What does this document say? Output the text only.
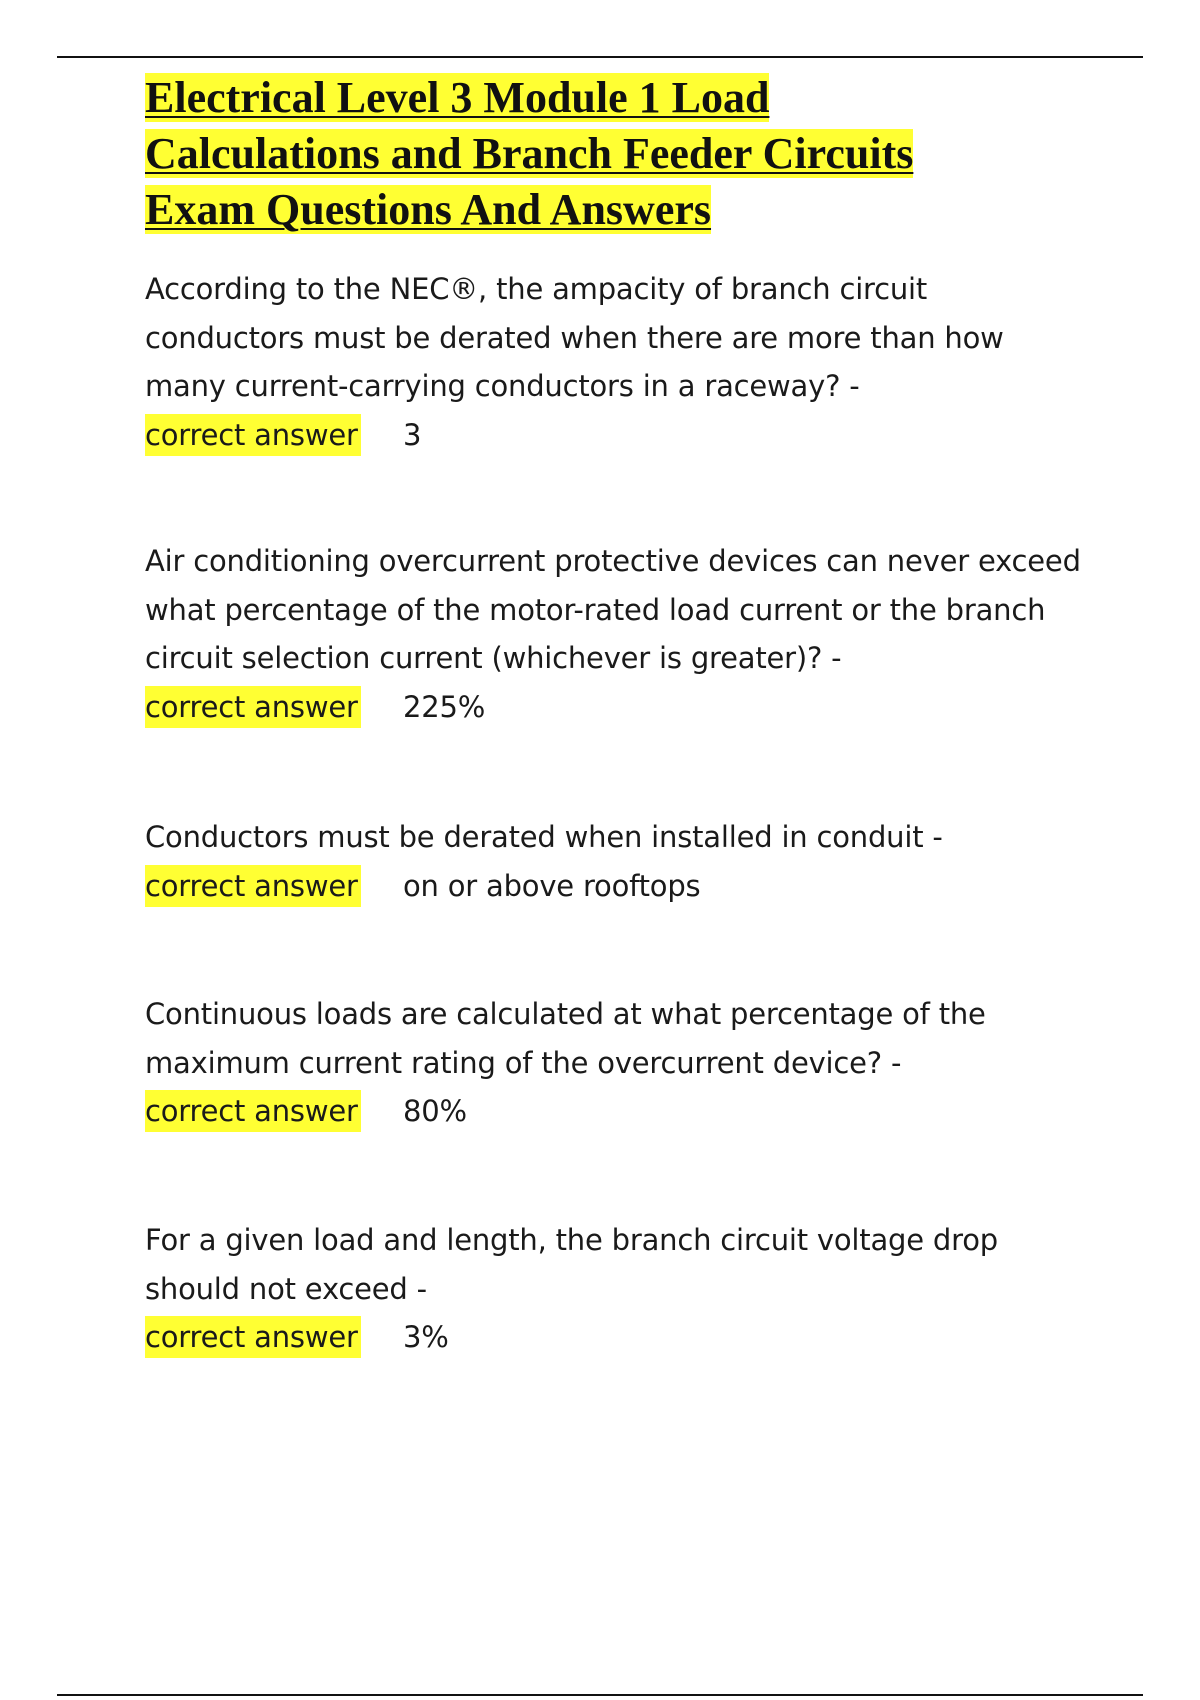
Electrical Level 3 Module 1 Load
Calculations and Branch Feeder Circuits
Exam Questions And Answers

According to the NEC®, the ampacity of branch circuit conductors must be derated when there are more than how many current-carrying conductors in a raceway? -

correct answer 3

Air conditioning overcurrent protective devices can never exceed what percentage of the motor-rated load current or the branch circuit selection current (whichever is greater)? -

correct answer 225%

Conductors must be derated when installed in conduit -

correct answer on or above rooftops

Continuous loads are calculated at what percentage of the maximum current rating of the overcurrent device? -

correct answer 80%

For a given load and length, the branch circuit voltage drop should not exceed -

correct answer 3%
